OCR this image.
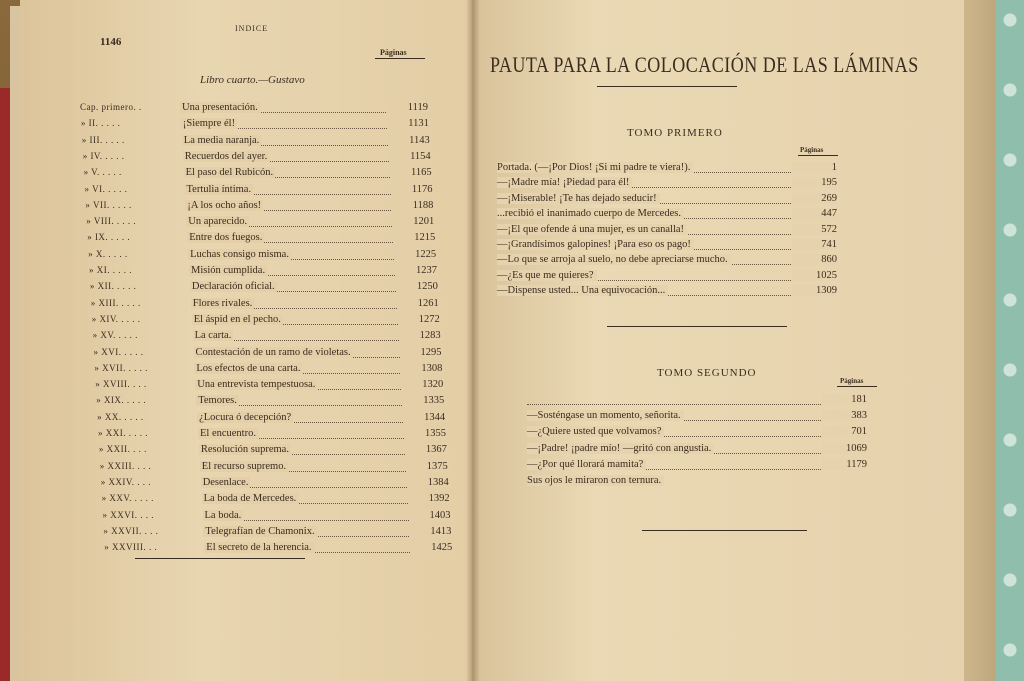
1146
INDICE
Páginas
Libro cuarto.—Gustavo
Cap. primero. .	Una presentación.	1119
» II. . . . .	¡Siempre él!	1131
» III. . . . .	La media naranja.	1143
» IV. . . . .	Recuerdos del ayer.	1154
» V. . . . .	El paso del Rubicón.	1165
» VI. . . . .	Tertulia íntima.	1176
» VII. . . . .	¡A los ocho años!	1188
» VIII. . . . .	Un aparecido.	1201
» IX. . . . .	Entre dos fuegos.	1215
» X. . . . .	Luchas consigo misma.	1225
» XI. . . . .	Misión cumplida.	1237
» XII. . . . .	Declaración oficial.	1250
» XIII. . . . .	Flores rivales.	1261
» XIV. . . . .	El áspid en el pecho.	1272
» XV. . . . .	La carta.	1283
» XVI. . . . .	Contestación de un ramo de violetas.	1295
» XVII. . . . .	Los efectos de una carta.	1308
» XVIII. . . .	Una entrevista tempestuosa.	1320
» XIX. . . . .	Temores.	1335
» XX. . . . .	¿Locura ó decepción?	1344
» XXI. . . . .	El encuentro.	1355
» XXII. . . .	Resolución suprema.	1367
» XXIII. . . .	El recurso supremo.	1375
» XXIV. . . .	Desenlace.	1384
» XXV. . . . .	La boda de Mercedes.	1392
» XXVI. . . .	La boda.	1403
» XXVII. . . .	Telegrafían de Chamonix.	1413
» XXVIII. . .	El secreto de la herencia.	1425
PAUTA PARA LA COLOCACIÓN DE LAS LÁMINAS
TOMO PRIMERO
Páginas
Portada. (—¡Por Dios! ¡Si mi padre te viera!).	1
—¡Madre mía! ¡Piedad para él!	195
—¡Miserable! ¡Te has dejado seducir!	269
...recibió el inanimado cuerpo de Mercedes.	447
—¡El que ofende á una mujer, es un canalla!	572
—¡Grandísimos galopines! ¡Para eso os pago!	741
—Lo que se arroja al suelo, no debe apreciarse mucho.	860
—¿Es que me quieres?	1025
—Dispense usted... Una equivocación...	1309
TOMO SEGUNDO
Páginas
181
—Sosténgase un momento, señorita.	383
—¿Quiere usted que volvamos?	701
—¡Padre! ¡padre mío! —gritó con angustia.	1069
—¿Por qué llorará mamita?	1179
Sus ojos le miraron con ternura.
